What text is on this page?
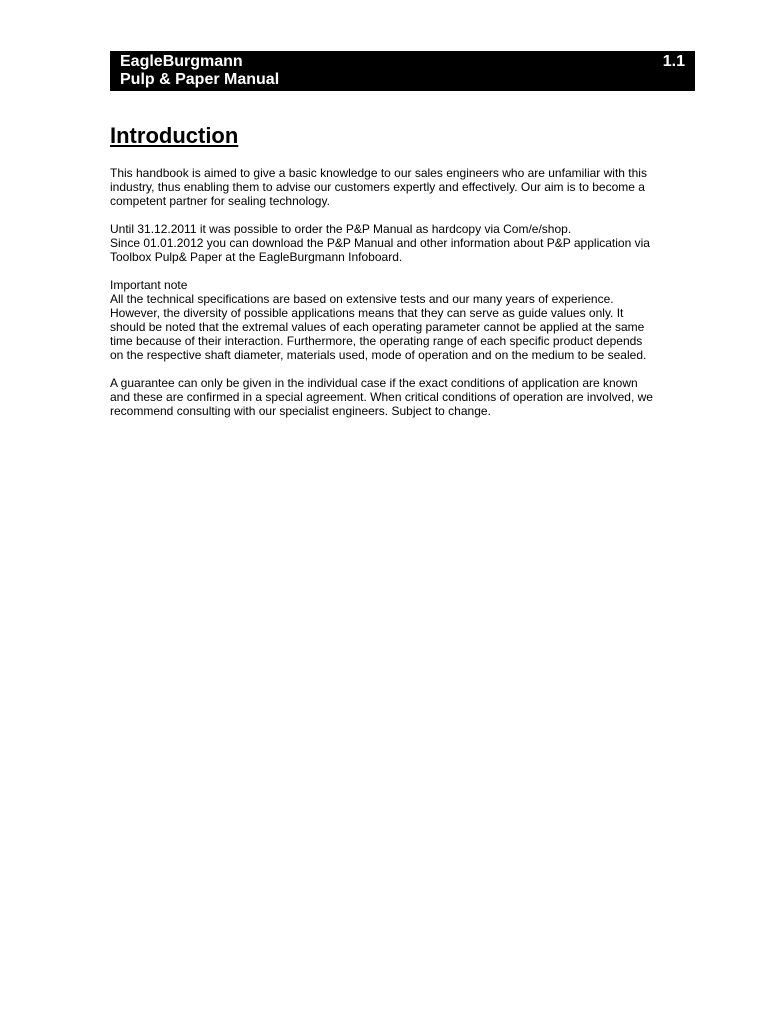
EagleBurgmann	1.1
Pulp & Paper Manual
Introduction

This handbook is aimed to give a basic knowledge to our sales engineers who are unfamiliar with this
industry, thus enabling them to advise our customers expertly and effectively. Our aim is to become a
competent partner for sealing technology.

Until 31.12.2011 it was possible to order the P&P Manual as hardcopy via Com/e/shop.
Since 01.01.2012 you can download the P&P Manual and other information about P&P application via
Toolbox Pulp& Paper at the EagleBurgmann Infoboard.

Important note
All the technical specifications are based on extensive tests and our many years of experience.
However, the diversity of possible applications means that they can serve as guide values only. It
should be noted that the extremal values of each operating parameter cannot be applied at the same
time because of their interaction. Furthermore, the operating range of each specific product depends
on the respective shaft diameter, materials used, mode of operation and on the medium to be sealed.

A guarantee can only be given in the individual case if the exact conditions of application are known
and these are confirmed in a special agreement. When critical conditions of operation are involved, we
recommend consulting with our specialist engineers. Subject to change.
